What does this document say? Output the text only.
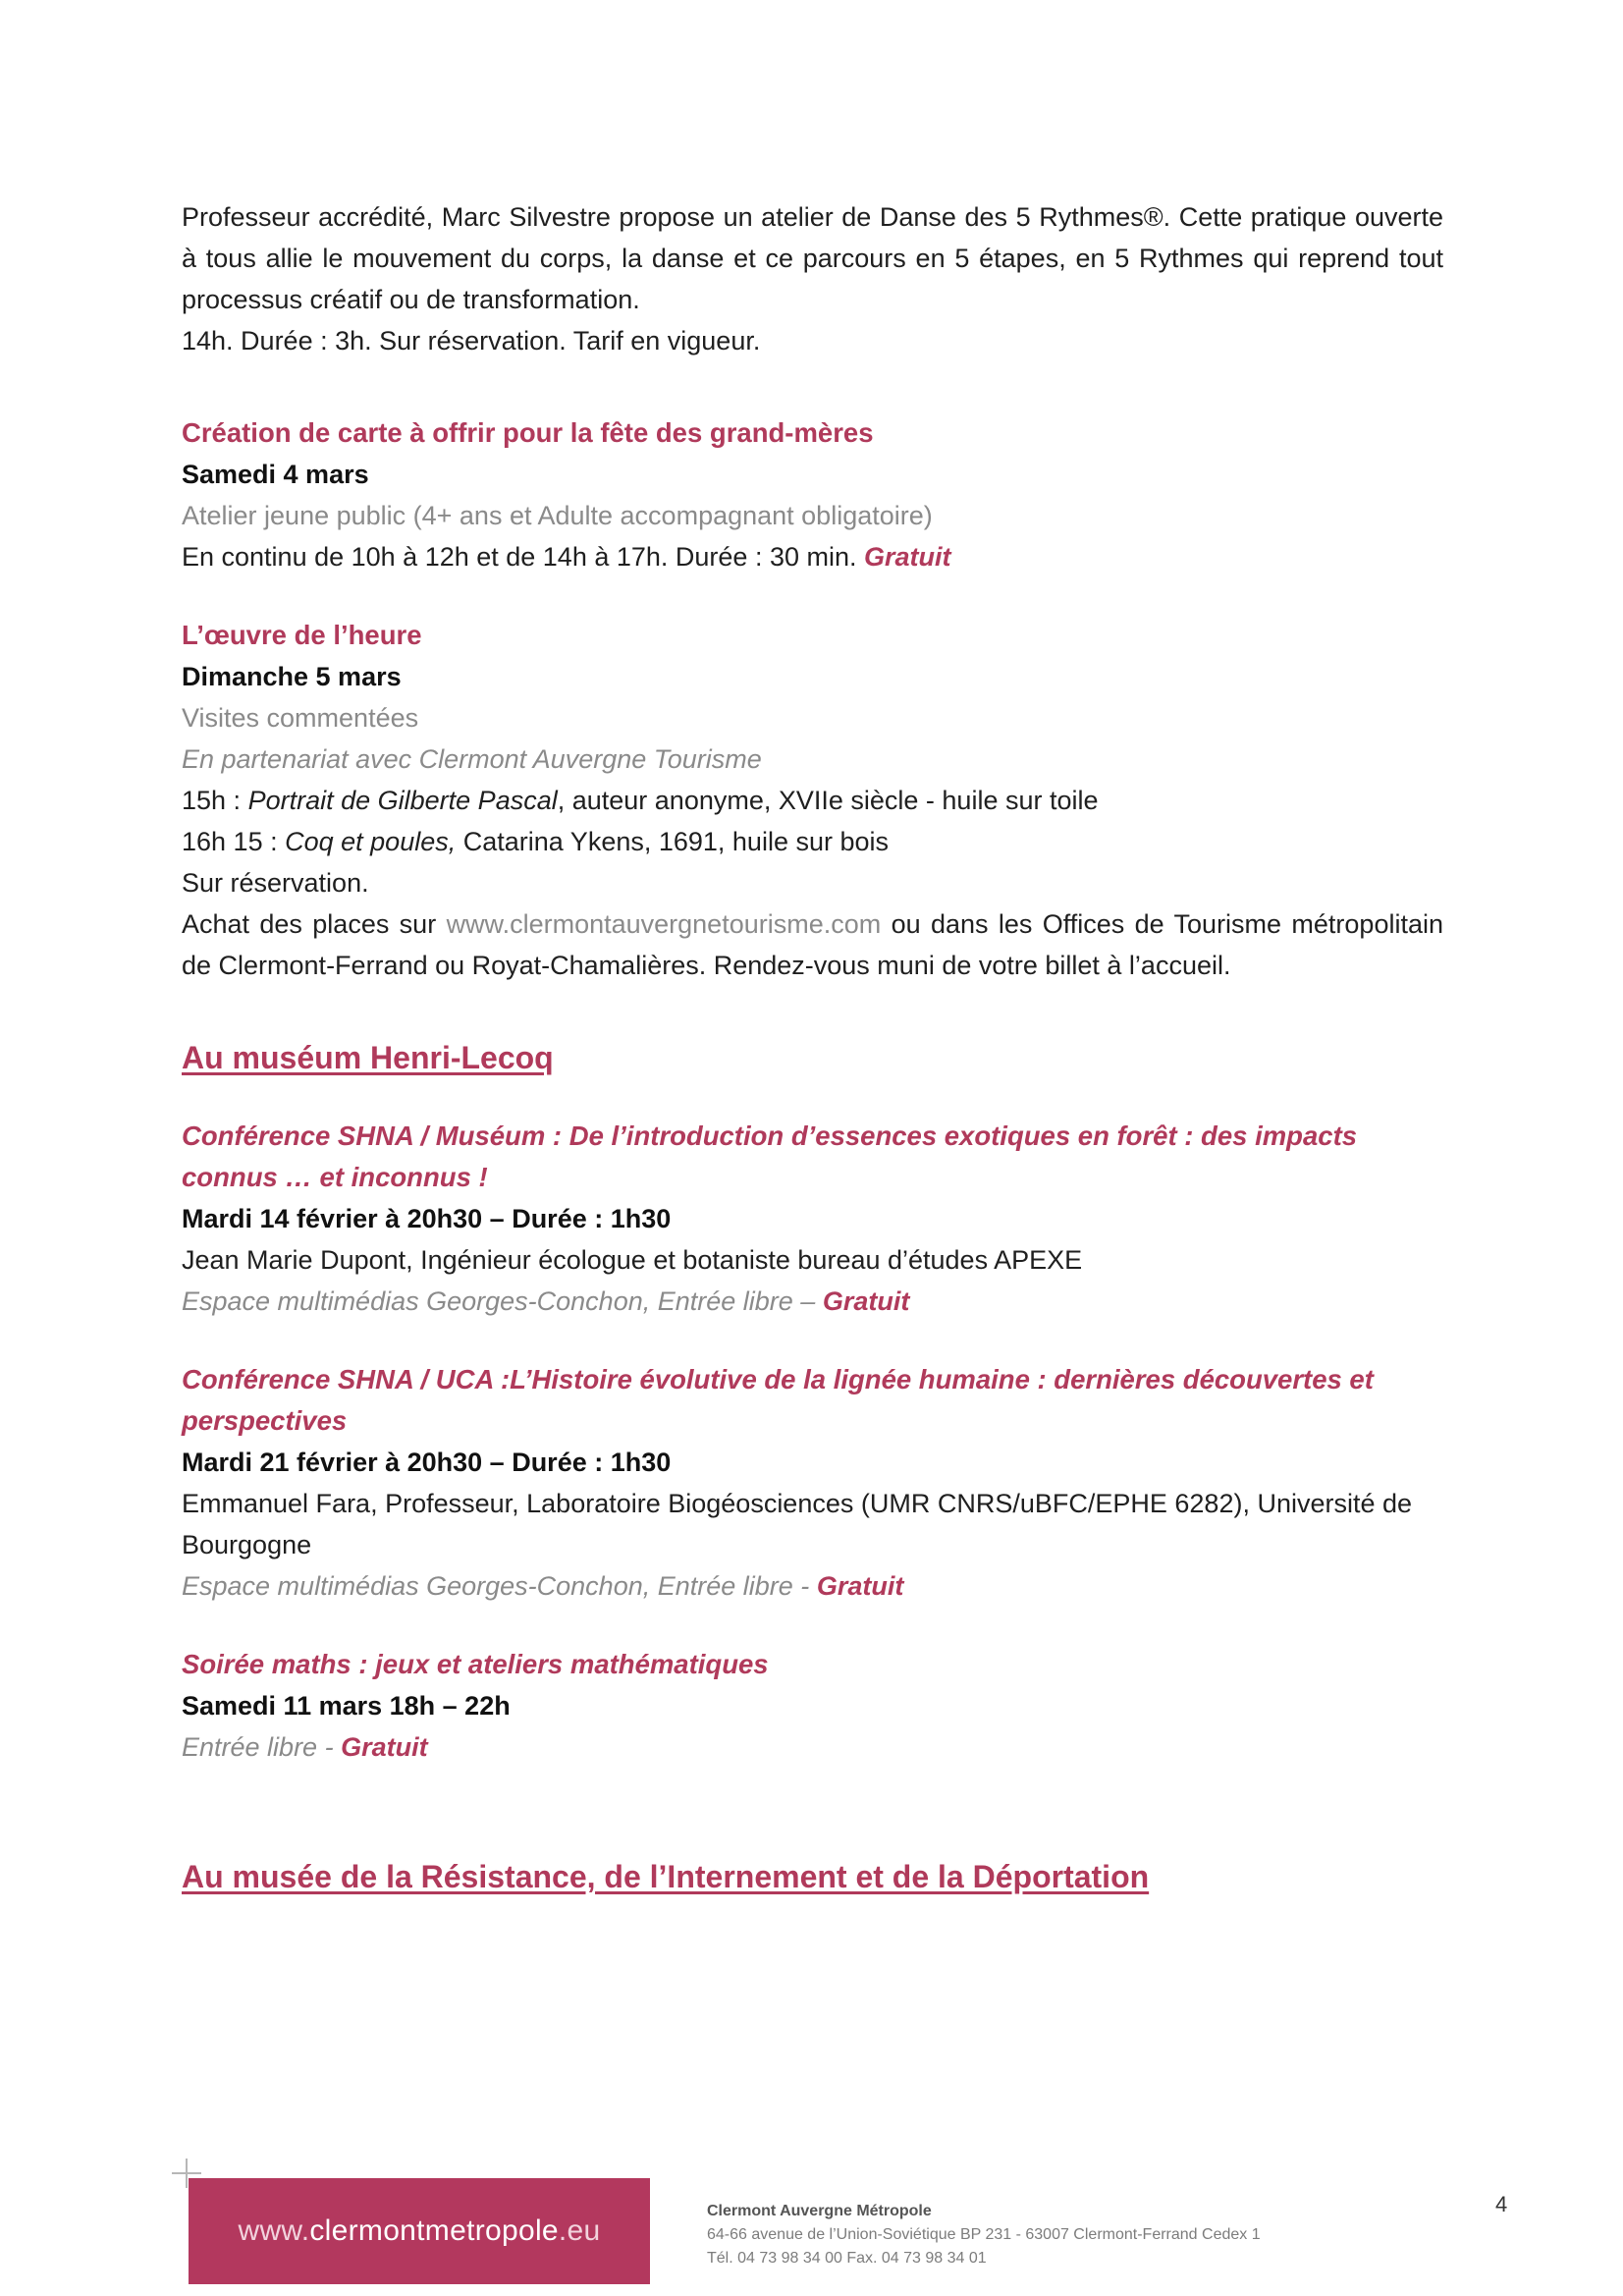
Professeur accrédité, Marc Silvestre propose un atelier de Danse des 5 Rythmes®. Cette pratique ouverte à tous allie le mouvement du corps, la danse et ce parcours en 5 étapes, en 5 Rythmes qui reprend tout processus créatif ou de transformation.

14h. Durée : 3h. Sur réservation. Tarif en vigueur.

Création de carte à offrir pour la fête des grand-mères

Samedi 4 mars

Atelier jeune public (4+ ans et Adulte accompagnant obligatoire)

En continu de 10h à 12h et de 14h à 17h. Durée : 30 min. Gratuit

L’œuvre de l’heure

Dimanche 5 mars

Visites commentées

En partenariat avec Clermont Auvergne Tourisme

15h : Portrait de Gilberte Pascal, auteur anonyme, XVIIe siècle - huile sur toile

16h 15 : Coq et poules, Catarina Ykens, 1691, huile sur bois

Sur réservation.

Achat des places sur www.clermontauvergnetourisme.com ou dans les Offices de Tourisme métropolitain de Clermont-Ferrand ou Royat-Chamalières. Rendez-vous muni de votre billet à l’accueil.

Au muséum Henri-Lecoq

Conférence SHNA / Muséum : De l’introduction d’essences exotiques en forêt : des impacts connus … et inconnus !

Mardi 14 février à 20h30 – Durée : 1h30

Jean Marie Dupont, Ingénieur écologue et botaniste bureau d’études APEXE

Espace multimédias Georges-Conchon, Entrée libre – Gratuit

Conférence SHNA / UCA :L’Histoire évolutive de la lignée humaine : dernières découvertes et perspectives

Mardi 21 février à 20h30 – Durée : 1h30

Emmanuel Fara, Professeur, Laboratoire Biogéosciences (UMR CNRS/uBFC/EPHE 6282), Université de Bourgogne

Espace multimédias Georges-Conchon, Entrée libre - Gratuit

Soirée maths : jeux et ateliers mathématiques

Samedi 11 mars 18h – 22h

Entrée libre - Gratuit

Au musée de la Résistance, de l’Internement et de la Déportation

www. clermontmetropole .eu
Clermont Auvergne Métropole
64-66 avenue de l’Union-Soviétique BP 231 - 63007 Clermont-Ferrand Cedex 1
Tél. 04 73 98 34 00 Fax. 04 73 98 34 01
4
